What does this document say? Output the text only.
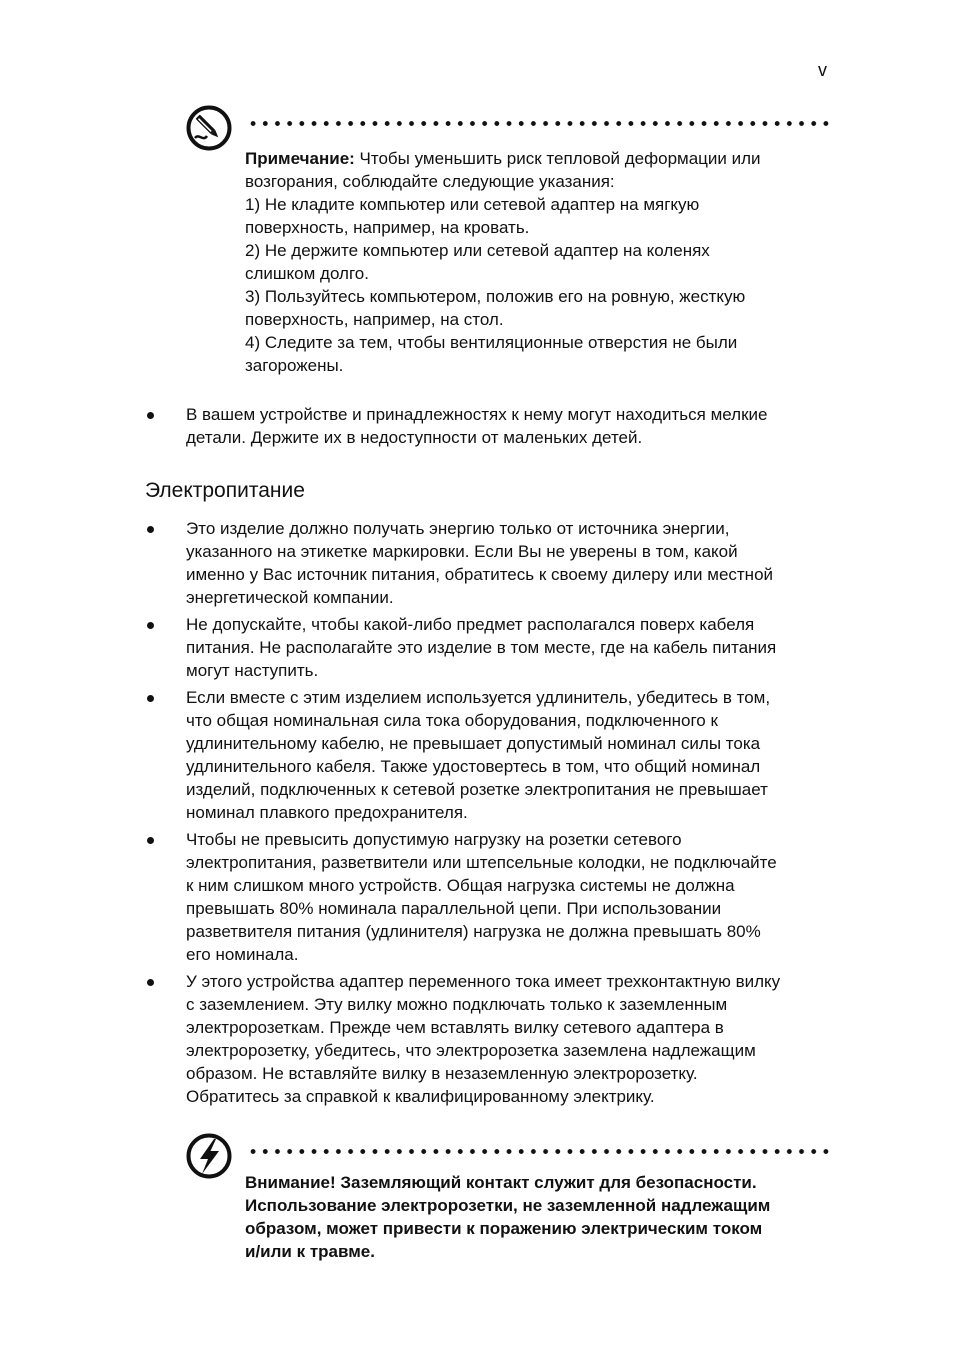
v
Примечание: Чтобы уменьшить риск тепловой деформации или
возгорания, соблюдайте следующие указания:
1) Не кладите компьютер или сетевой адаптер на мягкую
поверхность, например, на кровать.
2) Не держите компьютер или сетевой адаптер на коленях
слишком долго.
3) Пользуйтесь компьютером, положив его на ровную, жесткую
поверхность, например, на стол.
4) Следите за тем, чтобы вентиляционные отверстия не были
загорожены.
В вашем устройстве и принадлежностях к нему могут находиться мелкие
детали. Держите их в недоступности от маленьких детей.
Электропитание
Это изделие должно получать энергию только от источника энергии,
указанного на этикетке маркировки. Если Вы не уверены в том, какой
именно у Вас источник питания, обратитесь к своему дилеру или местной
энергетической компании.
Не допускайте, чтобы какой-либо предмет располагался поверх кабеля
питания. Не располагайте это изделие в том месте, где на кабель питания
могут наступить.
Если вместе с этим изделием используется удлинитель, убедитесь в том,
что общая номинальная сила тока оборудования, подключенного к
удлинительному кабелю, не превышает допустимый номинал силы тока
удлинительного кабеля. Также удостовертесь в том, что общий номинал
изделий, подключенных к сетевой розетке электропитания не превышает
номинал плавкого предохранителя.
Чтобы не превысить допустимую нагрузку на розетки сетевого
электропитания, разветвители или штепсельные колодки, не подключайте
к ним слишком много устройств. Общая нагрузка системы не должна
превышать 80% номинала параллельной цепи. При использовании
разветвителя питания (удлинителя) нагрузка не должна превышать 80%
его номинала.
У этого устройства адаптер переменного тока имеет трехконтактную вилку
с заземлением. Эту вилку можно подключать только к заземленным
электророзеткам. Прежде чем вставлять вилку сетевого адаптера в
электророзетку, убедитесь, что электророзетка заземлена надлежащим
образом. Не вставляйте вилку в незаземленную электророзетку.
Обратитесь за справкой к квалифицированному электрику.
Внимание! Заземляющий контакт служит для безопасности.
Использование электророзетки, не заземленной надлежащим
образом, может привести к поражению электрическим током
и/или к травме.
